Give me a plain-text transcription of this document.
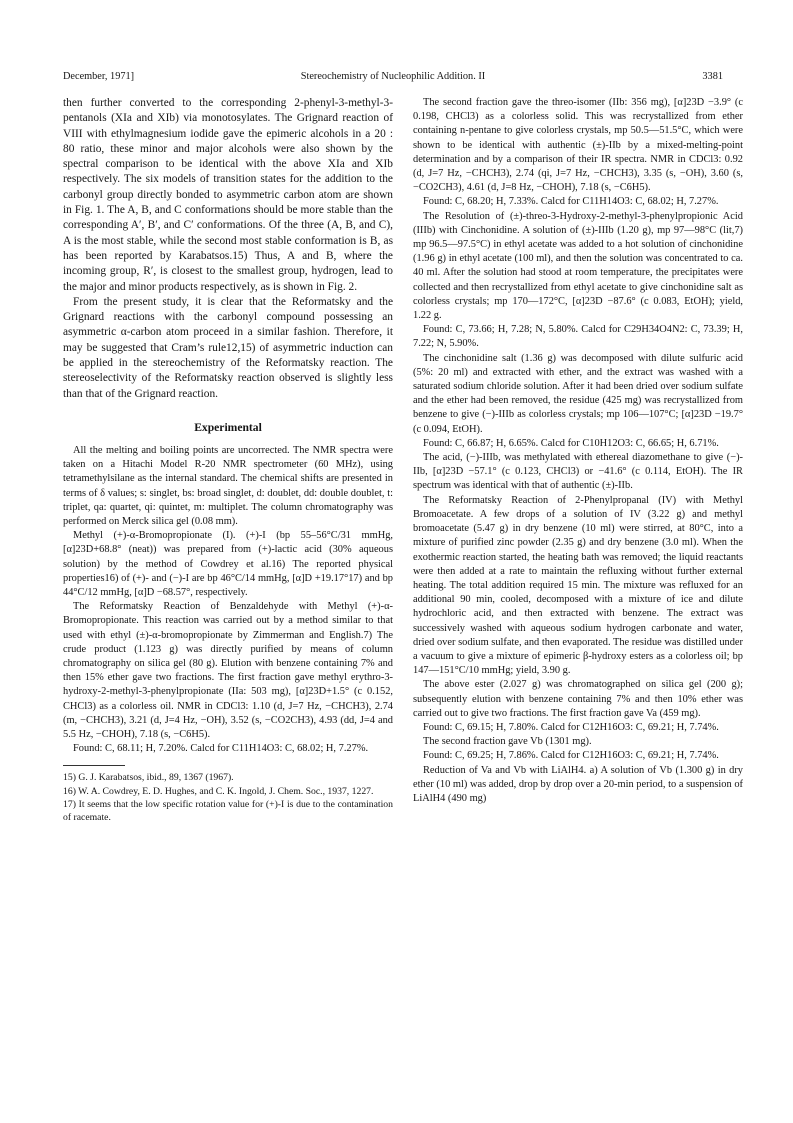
December, 1971]	Stereochemistry of Nucleophilic Addition. II	3381

then further converted to the corresponding 2-phenyl-3-methyl-3-pentanols (XIa and XIb) via monotosylates. The Grignard reaction of VIII with ethylmagnesium iodide gave the epimeric alcohols in a 20 : 80 ratio, these minor and major alcohols were also shown by the spectral comparison to be identical with the above XIa and XIb respectively. The six models of transition states for the addition to the carbonyl group directly bonded to asymmetric carbon atom are shown in Fig. 1. The A, B, and C conformations should be more stable than the corresponding A′, B′, and C′ conformations. Of the three (A, B, and C), A is the most stable, while the second most stable conformation is B, as has been reported by Karabatsos.15) Thus, A and B, where the incoming group, R′, is closest to the smallest group, hydrogen, lead to the major and minor products respectively, as is shown in Fig. 2.

From the present study, it is clear that the Reformatsky and the Grignard reactions with the carbonyl compound possessing an asymmetric α-carbon atom proceed in a similar fashion. Therefore, it may be suggested that Cram’s rule12,15) of asymmetric induction can be applied in the stereochemistry of the Reformatsky reaction. The stereoselectivity of the Reformatsky reaction observed is slightly less than that of the Grignard reaction.

Experimental

All the melting and boiling points are uncorrected. The NMR spectra were taken on a Hitachi Model R-20 NMR spectrometer (60 MHz), using tetramethylsilane as the internal standard. The chemical shifts are presented in terms of δ values; s: singlet, bs: broad singlet, d: doublet, dd: double doublet, t: triplet, qa: quartet, qi: quintet, m: multiplet. The column chromatography was performed on Merck silica gel (0.08 mm).

Methyl (+)-α-Bromopropionate (I). (+)-I (bp 55–56°C/31 mmHg, [α]23D+68.8° (neat)) was prepared from (+)-lactic acid (30% aqueous solution) by the method of Cowdrey et al.16) The reported physical properties16) of (+)- and (−)-I are bp 46°C/14 mmHg, [α]D +19.17°17) and bp 44°C/12 mmHg, [α]D −68.57°, respectively.

The Reformatsky Reaction of Benzaldehyde with Methyl (+)-α-Bromopropionate. This reaction was carried out by a method similar to that used with ethyl (±)-α-bromopropionate by Zimmerman and English.7) The crude product (1.123 g) was directly purified by means of column chromatography on silica gel (80 g). Elution with benzene containing 7% and then 15% ether gave two fractions. The first fraction gave methyl erythro-3-hydroxy-2-methyl-3-phenylpropionate (IIa: 503 mg), [α]23D+1.5° (c 0.152, CHCl3) as a colorless oil. NMR in CDCl3: 1.10 (d, J=7 Hz, −CHCH3), 2.74 (m, −CHCH3), 3.21 (d, J=4 Hz, −OH), 3.52 (s, −CO2CH3), 4.93 (dd, J=4 and 5.5 Hz, −CHOH), 7.18 (s, −C6H5).

Found: C, 68.11; H, 7.20%. Calcd for C11H14O3: C, 68.02; H, 7.27%.

15) G. J. Karabatsos, ibid., 89, 1367 (1967).

16) W. A. Cowdrey, E. D. Hughes, and C. K. Ingold, J. Chem. Soc., 1937, 1227.

17) It seems that the low specific rotation value for (+)-I is due to the contamination of racemate.

The second fraction gave the threo-isomer (IIb: 356 mg), [α]23D −3.9° (c 0.198, CHCl3) as a colorless solid. This was recrystallized from ether containing n-pentane to give colorless crystals, mp 50.5—51.5°C, which were shown to be identical with authentic (±)-IIb by a mixed-melting-point determination and by a comparison of their IR spectra. NMR in CDCl3: 0.92 (d, J=7 Hz, −CHCH3), 2.74 (qi, J=7 Hz, −CHCH3), 3.35 (s, −OH), 3.60 (s, −CO2CH3), 4.61 (d, J=8 Hz, −CHOH), 7.18 (s, −C6H5).

Found: C, 68.20; H, 7.33%. Calcd for C11H14O3: C, 68.02; H, 7.27%.

The Resolution of (±)-threo-3-Hydroxy-2-methyl-3-phenylpropionic Acid (IIIb) with Cinchonidine. A solution of (±)-IIIb (1.20 g), mp 97—98°C (lit,7) mp 96.5—97.5°C) in ethyl acetate was added to a hot solution of cinchonidine (1.96 g) in ethyl acetate (100 ml), and then the solution was concentrated to ca. 40 ml. After the solution had stood at room temperature, the precipitates were collected and then recrystallized from ethyl acetate to give cinchonidine salt as colorless crystals; mp 170—172°C, [α]23D −87.6° (c 0.083, EtOH); yield, 1.22 g.

Found: C, 73.66; H, 7.28; N, 5.80%. Calcd for C29H34O4N2: C, 73.39; H, 7.22; N, 5.90%.

The cinchonidine salt (1.36 g) was decomposed with dilute sulfuric acid (5%: 20 ml) and extracted with ether, and the extract was washed with a saturated sodium chloride solution. After it had been dried over sodium sulfate and the ether had been removed, the residue (425 mg) was recrystallized from benzene to give (−)-IIIb as colorless crystals; mp 106—107°C; [α]23D −19.7° (c 0.094, EtOH).

Found: C, 66.87; H, 6.65%. Calcd for C10H12O3: C, 66.65; H, 6.71%.

The acid, (−)-IIIb, was methylated with ethereal diazomethane to give (−)-IIb, [α]23D −57.1° (c 0.123, CHCl3) or −41.6° (c 0.114, EtOH). The IR spectrum was identical with that of authentic (±)-IIb.

The Reformatsky Reaction of 2-Phenylpropanal (IV) with Methyl Bromoacetate. A few drops of a solution of IV (3.22 g) and methyl bromoacetate (5.47 g) in dry benzene (10 ml) were stirred, at 80°C, into a mixture of purified zinc powder (2.35 g) and dry benzene (3.0 ml). When the exothermic reaction started, the heating bath was removed; the liquid reactants were then added at a rate to maintain the refluxing without further external heating. The total addition required 15 min. The mixture was refluxed for an additional 90 min, cooled, decomposed with a mixture of ice and dilute hydrochloric acid, and then extracted with benzene. The extract was successively washed with aqueous sodium hydrogen carbonate and water, dried over sodium sulfate, and then evaporated. The residue was distilled under a vacuum to give a mixture of epimeric β-hydroxy esters as a colorless oil; bp 147—151°C/10 mmHg; yield, 3.90 g.

The above ester (2.027 g) was chromatographed on silica gel (200 g); subsequently elution with benzene containing 7% and then 10% ether was carried out to give two fractions. The first fraction gave Va (459 mg).

Found: C, 69.15; H, 7.80%. Calcd for C12H16O3: C, 69.21; H, 7.74%.

The second fraction gave Vb (1301 mg).

Found: C, 69.25; H, 7.86%. Calcd for C12H16O3: C, 69.21; H, 7.74%.

Reduction of Va and Vb with LiAlH4. a) A solution of Vb (1.300 g) in dry ether (10 ml) was added, drop by drop over a 20-min period, to a suspension of LiAlH4 (490 mg)
